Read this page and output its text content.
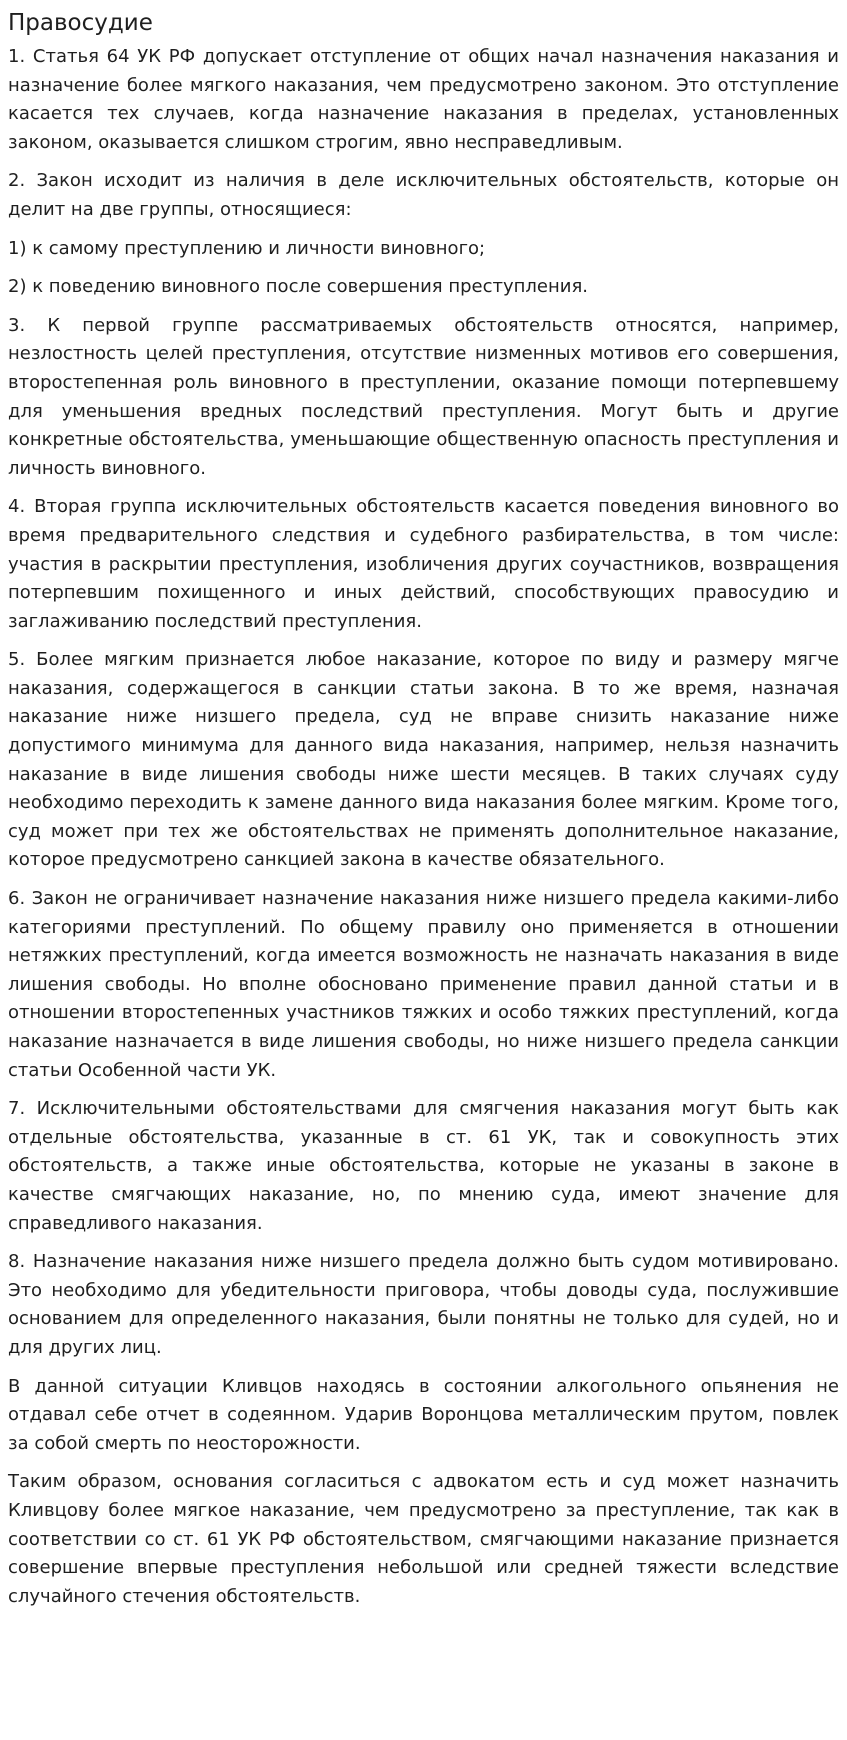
Правосудие

1. Статья 64 УК РФ допускает отступление от общих начал назначения наказания и назначение более мягкого наказания, чем предусмотрено законом. Это отступление касается тех случаев, когда назначение наказания в пределах, установленных законом, оказывается слишком строгим, явно несправедливым.

2. Закон исходит из наличия в деле исключительных обстоятельств, которые он делит на две группы, относящиеся:

1) к самому преступлению и личности виновного;

2) к поведению виновного после совершения преступления.

3. К первой группе рассматриваемых обстоятельств относятся, например, незлостность целей преступления, отсутствие низменных мотивов его совершения, второстепенная роль виновного в преступлении, оказание помощи потерпевшему для уменьшения вредных последствий преступления. Могут быть и другие конкретные обстоятельства, уменьшающие общественную опасность преступления и личность виновного.

4. Вторая группа исключительных обстоятельств касается поведения виновного во время предварительного следствия и судебного разбирательства, в том числе: участия в раскрытии преступления, изобличения других соучастников, возвращения потерпевшим похищенного и иных действий, способствующих правосудию и заглаживанию последствий преступления.

5. Более мягким признается любое наказание, которое по виду и размеру мягче наказания, содержащегося в санкции статьи закона. В то же время, назначая наказание ниже низшего предела, суд не вправе снизить наказание ниже допустимого минимума для данного вида наказания, например, нельзя назначить наказание в виде лишения свободы ниже шести месяцев. В таких случаях суду необходимо переходить к замене данного вида наказания более мягким. Кроме того, суд может при тех же обстоятельствах не применять дополнительное наказание, которое предусмотрено санкцией закона в качестве обязательного.

6. Закон не ограничивает назначение наказания ниже низшего предела какими-либо категориями преступлений. По общему правилу оно применяется в отношении нетяжких преступлений, когда имеется возможность не назначать наказания в виде лишения свободы. Но вполне обосновано применение правил данной статьи и в отношении второстепенных участников тяжких и особо тяжких преступлений, когда наказание назначается в виде лишения свободы, но ниже низшего предела санкции статьи Особенной части УК.

7. Исключительными обстоятельствами для смягчения наказания могут быть как отдельные обстоятельства, указанные в ст. 61 УК, так и совокупность этих обстоятельств, а также иные обстоятельства, которые не указаны в законе в качестве смягчающих наказание, но, по мнению суда, имеют значение для справедливого наказания.

8. Назначение наказания ниже низшего предела должно быть судом мотивировано. Это необходимо для убедительности приговора, чтобы доводы суда, послужившие основанием для определенного наказания, были понятны не только для судей, но и для других лиц.

В данной ситуации Кливцов находясь в состоянии алкогольного опьянения не отдавал себе отчет в содеянном. Ударив Воронцова металлическим прутом, повлек за собой смерть по неосторожности.

Таким образом, основания согласиться с адвокатом есть и суд может назначить Кливцову более мягкое наказание, чем предусмотрено за преступление, так как в соответствии со ст. 61 УК РФ обстоятельством, смягчающими наказание признается совершение впервые преступления небольшой или средней тяжести вследствие случайного стечения обстоятельств.
